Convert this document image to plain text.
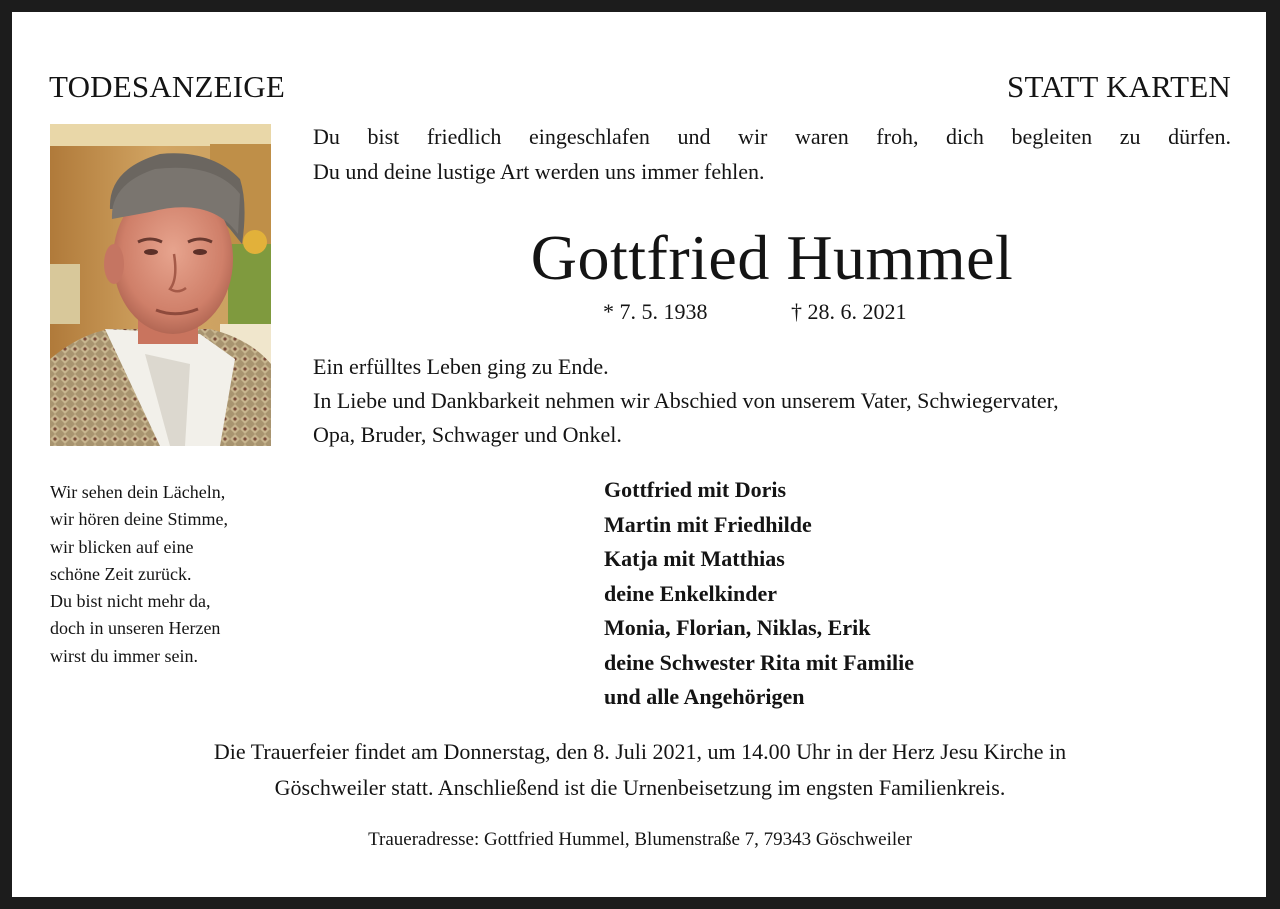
TODESANZEIGE	STATT KARTEN
Du bist friedlich eingeschlafen und wir waren froh, dich begleiten zu dürfen.
Du und deine lustige Art werden uns immer fehlen.
Gottfried Hummel
* 7. 5. 1938	† 28. 6. 2021
Ein erfülltes Leben ging zu Ende.
In Liebe und Dankbarkeit nehmen wir Abschied von unserem Vater, Schwiegervater,
Opa, Bruder, Schwager und Onkel.
Wir sehen dein Lächeln,
wir hören deine Stimme,
wir blicken auf eine
schöne Zeit zurück.
Du bist nicht mehr da,
doch in unseren Herzen
wirst du immer sein.
Gottfried mit Doris
Martin mit Friedhilde
Katja mit Matthias
deine Enkelkinder
Monia, Florian, Niklas, Erik
deine Schwester Rita mit Familie
und alle Angehörigen
Die Trauerfeier findet am Donnerstag, den 8. Juli 2021, um 14.00 Uhr in der Herz Jesu Kirche in
Göschweiler statt. Anschließend ist die Urnenbeisetzung im engsten Familienkreis.
Traueradresse: Gottfried Hummel, Blumenstraße 7, 79343 Göschweiler
